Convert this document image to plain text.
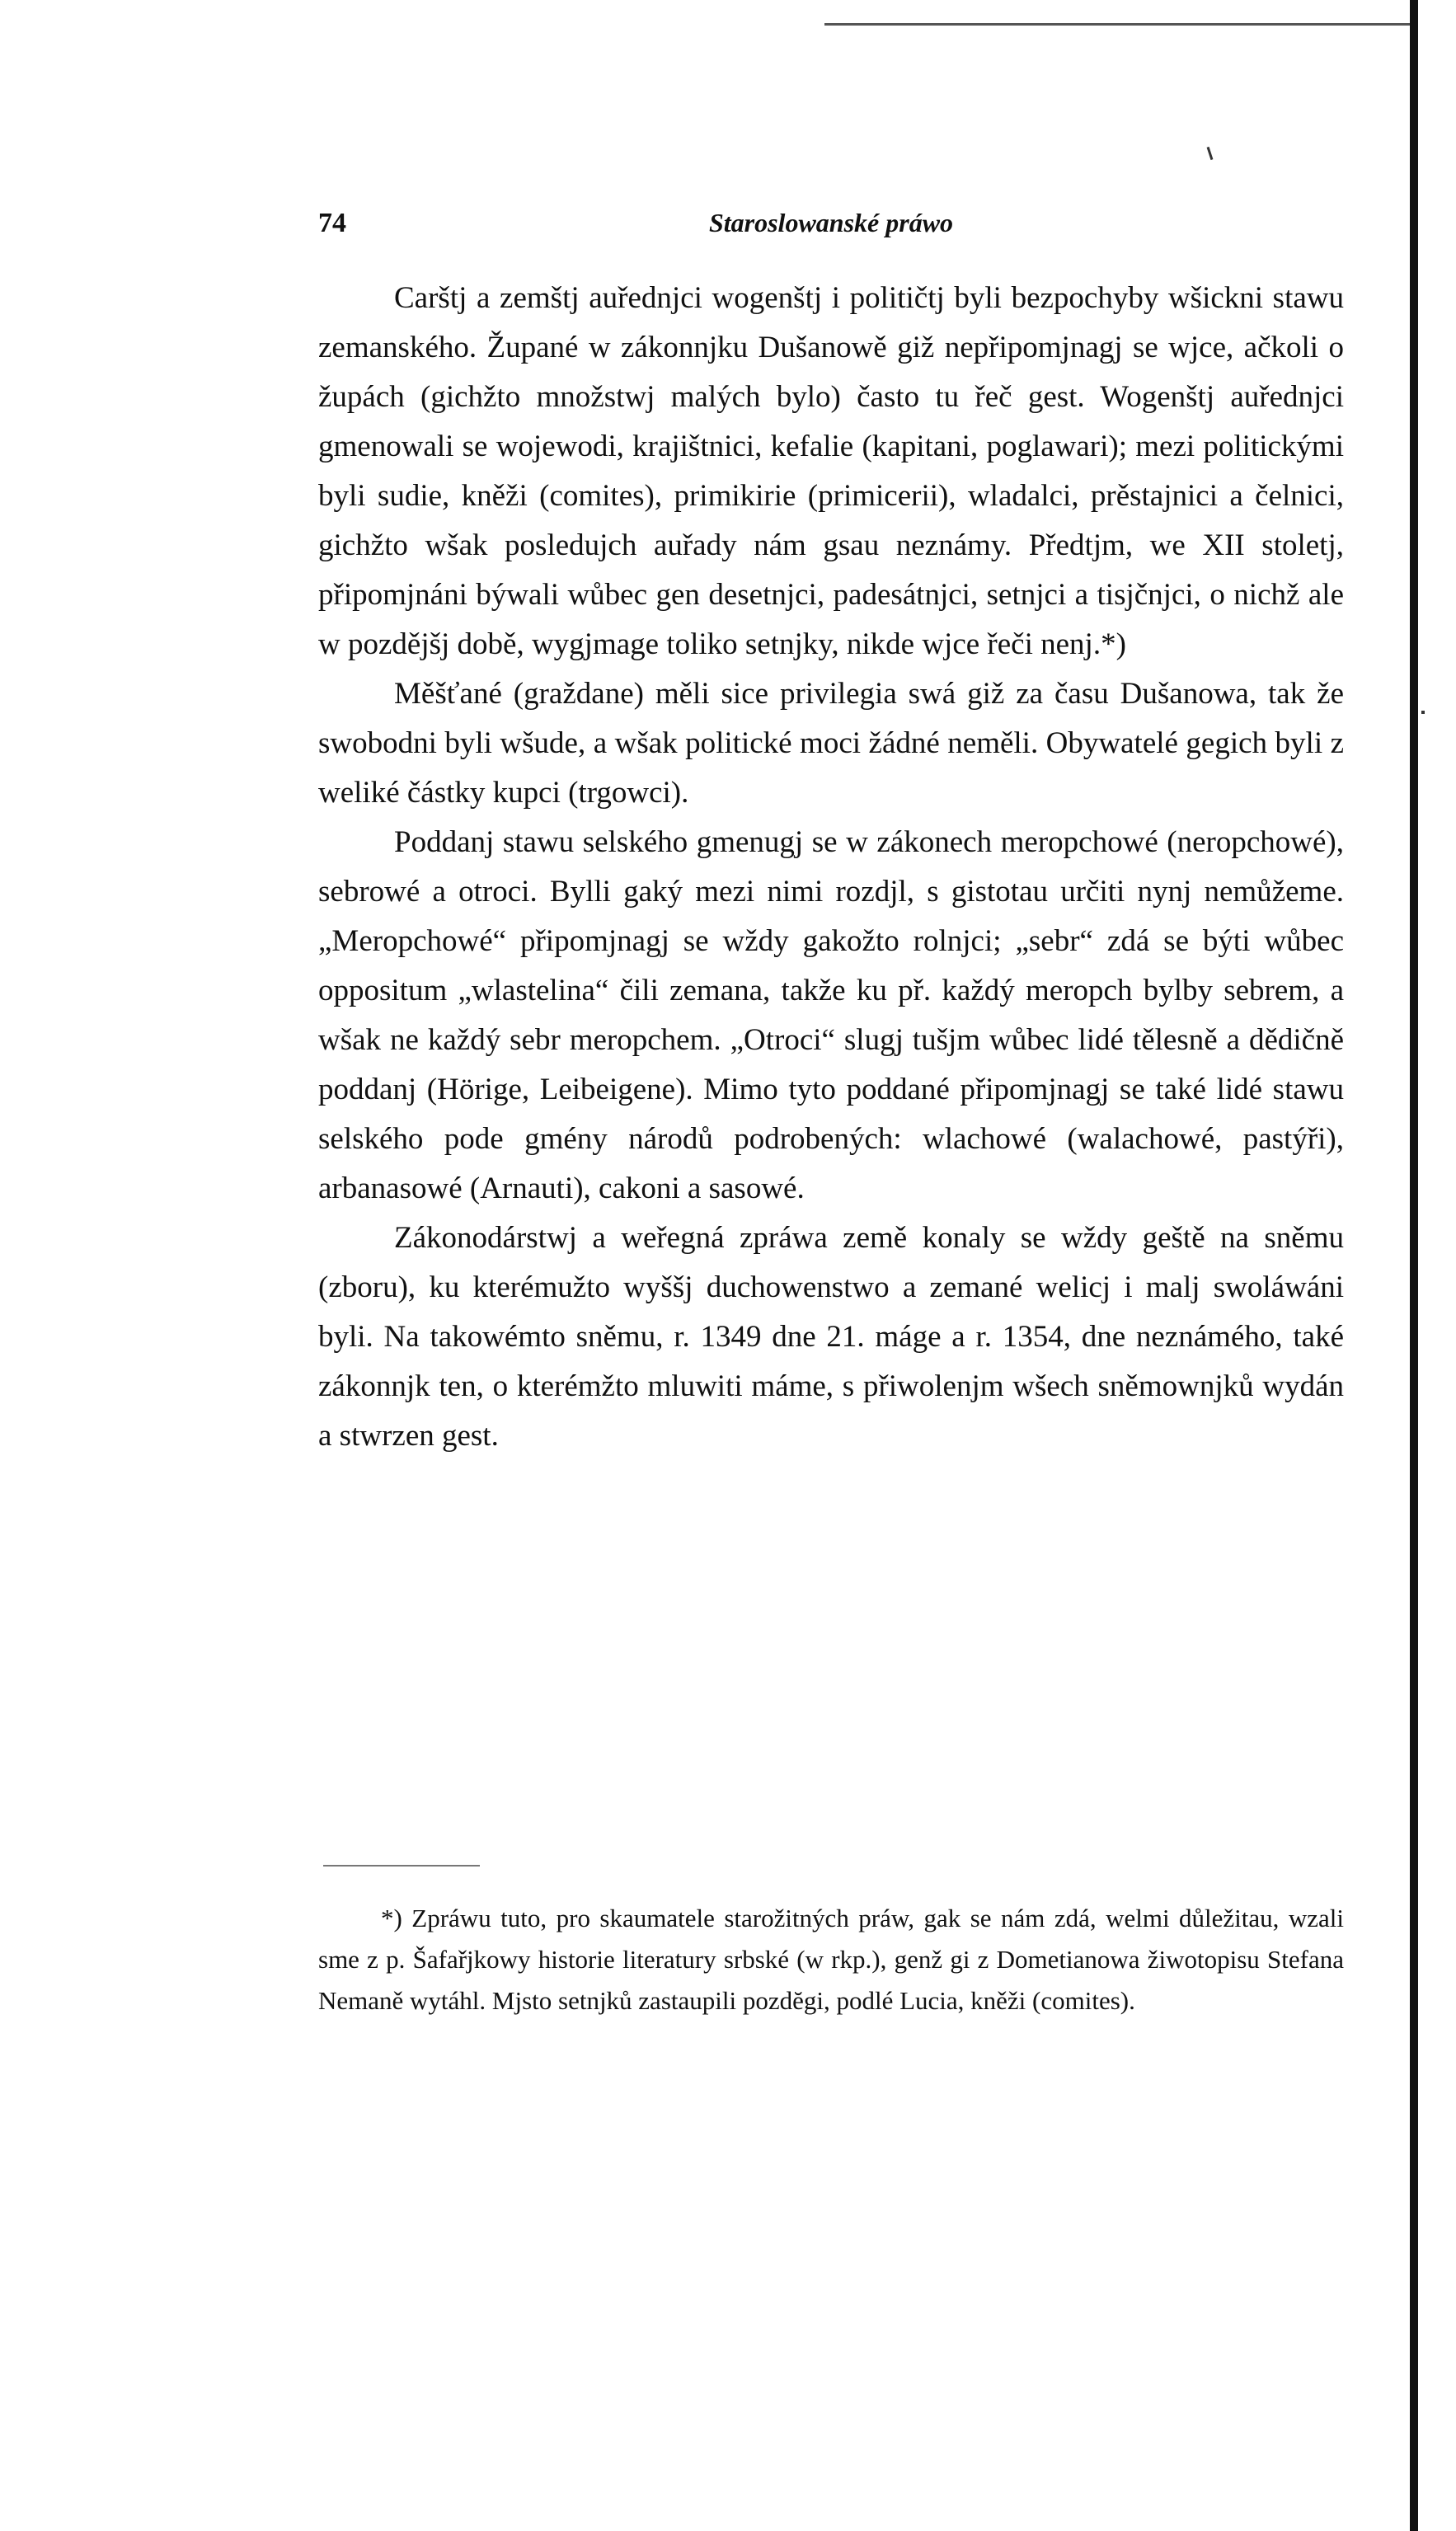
74	Staroslowanské práwo

Carštj a zemštj auřednjci wogenštj i političtj byli bezpochyby wšickni stawu zemanského. Župané w zákonnjku Dušanowě giž nepřipomjnagj se wjce, ačkoli o župách (gichžto množstwj malých bylo) často tu řeč gest. Wogenštj auřednjci gmenowali se wojewodi, krajištnici, kefalie (kapitani, poglawari); mezi politickými byli sudie, kněži (comites), primikirie (primicerii), wladalci, prěstajnici a čelnici, gichžto wšak posledujch auřady nám gsau neznámy. Předtjm, we XII stoletj, připomjnáni býwali wůbec gen desetnjci, padesátnjci, setnjci a tisjčnjci, o nichž ale w pozdějšj době, wygjmage toliko setnjky, nikde wjce řeči nenj.*)

Měšťané (graždane) měli sice privilegia swá giž za času Dušanowa, tak že swobodni byli wšude, a wšak politické moci žádné neměli. Obywatelé gegich byli z weliké částky kupci (trgowci).

Poddanj stawu selského gmenugj se w zákonech meropchowé (neropchowé), sebrowé a otroci. Bylli gaký mezi nimi rozdjl, s gistotau určiti nynj nemůžeme. „Meropchowé“ připomjnagj se wždy gakožto rolnjci; „sebr“ zdá se býti wůbec oppositum „wlastelina“ čili zemana, takže ku př. každý meropch bylby sebrem, a wšak ne každý sebr meropchem. „Otroci“ slugj tušjm wůbec lidé tělesně a dědičně poddanj (Hörige, Leibeigene). Mimo tyto poddané připomjnagj se také lidé stawu selského pode gmény národů podrobených: wlachowé (walachowé, pastýři), arbanasowé (Arnauti), cakoni a sasowé.

Zákonodárstwj a weřegná zpráwa země konaly se wždy geště na sněmu (zboru), ku kterémužto wyššj duchowenstwo a zemané welicj i malj swoláwáni byli. Na takowémto sněmu, r. 1349 dne 21. máge a r. 1354, dne neznámého, také zákonnjk ten, o kterémžto mluwiti máme, s přiwolenjm wšech sněmownjků wydán a stwrzen gest.

*) Zpráwu tuto, pro skaumatele starožitných práw, gak se nám zdá, welmi důležitau, wzali sme z p. Šafařjkowy historie literatury srbské (w rkp.), genž gi z Dometianowa žiwotopisu Stefana Nemaně wytáhl. Mjsto setnjků zastaupili pozdĕgi, podlé Lucia, kněži (comites).
